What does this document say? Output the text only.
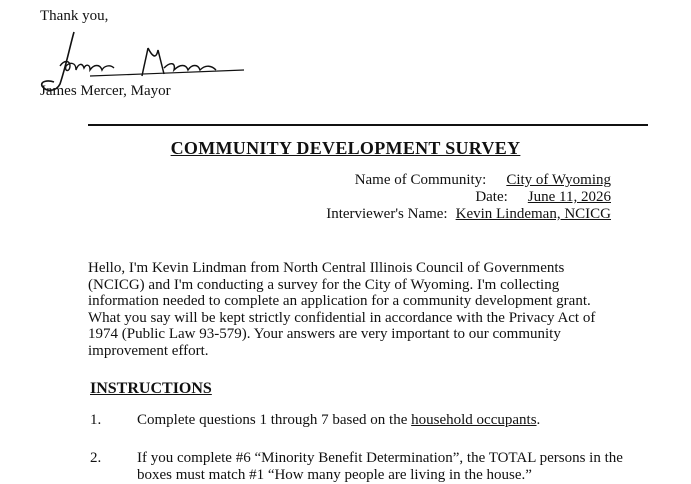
Thank you,
James Mercer, Mayor
COMMUNITY DEVELOPMENT SURVEY
Name of Community: City of Wyoming
Date: June 11, 2026
Interviewer's Name: Kevin Lindeman, NCICG
Hello, I'm Kevin Lindman from North Central Illinois Council of Governments
(NCICG) and I'm conducting a survey for the City of Wyoming. I'm collecting
information needed to complete an application for a community development grant.
What you say will be kept strictly confidential in accordance with the Privacy Act of
1974 (Public Law 93-579). Your answers are very important to our community
improvement effort.
INSTRUCTIONS
1. Complete questions 1 through 7 based on the household occupants.
2. If you complete #6 “Minority Benefit Determination”, the TOTAL persons in the
boxes must match #1 “How many people are living in the house.”
